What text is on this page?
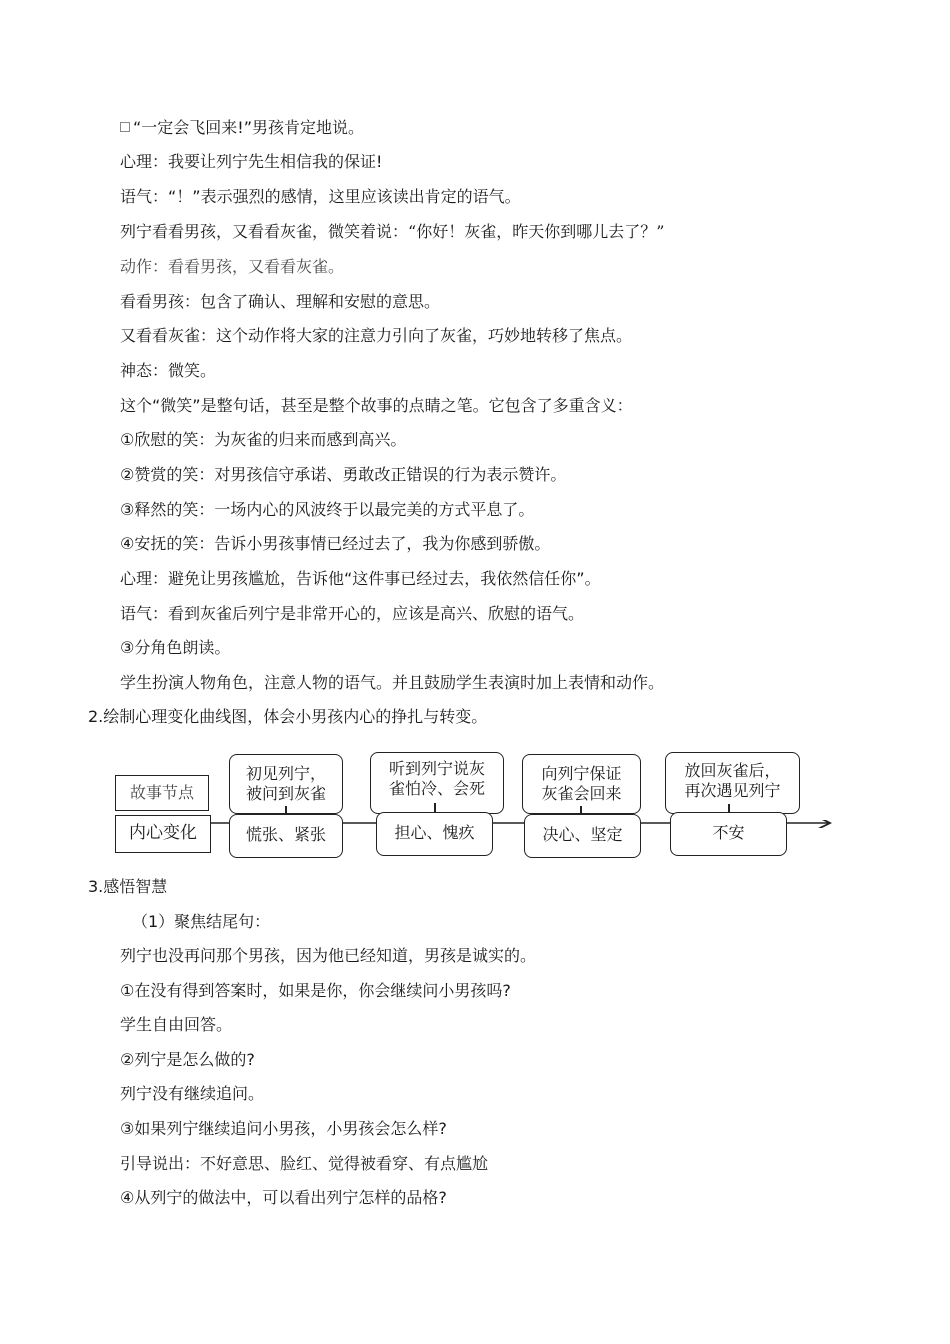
“一定会飞回来!”男孩肯定地说。
心理：我要让列宁先生相信我的保证!
语气：“！”表示强烈的感情，这里应该读出肯定的语气。
列宁看看男孩，又看看灰雀，微笑着说：“你好！灰雀，昨天你到哪儿去了？”
动作：看看男孩，又看看灰雀。
看看男孩：包含了确认、理解和安慰的意思。
又看看灰雀：这个动作将大家的注意力引向了灰雀，巧妙地转移了焦点。
神态：微笑。
这个“微笑”是整句话，甚至是整个故事的点睛之笔。它包含了多重含义：
①欣慰的笑：为灰雀的归来而感到高兴。
②赞赏的笑：对男孩信守承诺、勇敢改正错误的行为表示赞许。
③释然的笑：一场内心的风波终于以最完美的方式平息了。
④安抚的笑：告诉小男孩事情已经过去了，我为你感到骄傲。
心理：避免让男孩尴尬，告诉他“这件事已经过去，我依然信任你”。
语气：看到灰雀后列宁是非常开心的，应该是高兴、欣慰的语气。
③分角色朗读。
学生扮演人物角色，注意人物的语气。并且鼓励学生表演时加上表情和动作。
2.绘制心理变化曲线图，体会小男孩内心的挣扎与转变。
故事节点
内心变化
初见列宁，
被问到灰雀
慌张、紧张
听到列宁说灰
雀怕冷、会死
担心、愧疚
向列宁保证
灰雀会回来
决心、坚定
放回灰雀后，
再次遇见列宁
不安
3.感悟智慧
（1）聚焦结尾句：
列宁也没再问那个男孩，因为他已经知道，男孩是诚实的。
①在没有得到答案时，如果是你，你会继续问小男孩吗?
学生自由回答。
②列宁是怎么做的?
列宁没有继续追问。
③如果列宁继续追问小男孩，小男孩会怎么样?
引导说出：不好意思、脸红、觉得被看穿、有点尴尬
④从列宁的做法中，可以看出列宁怎样的品格?
